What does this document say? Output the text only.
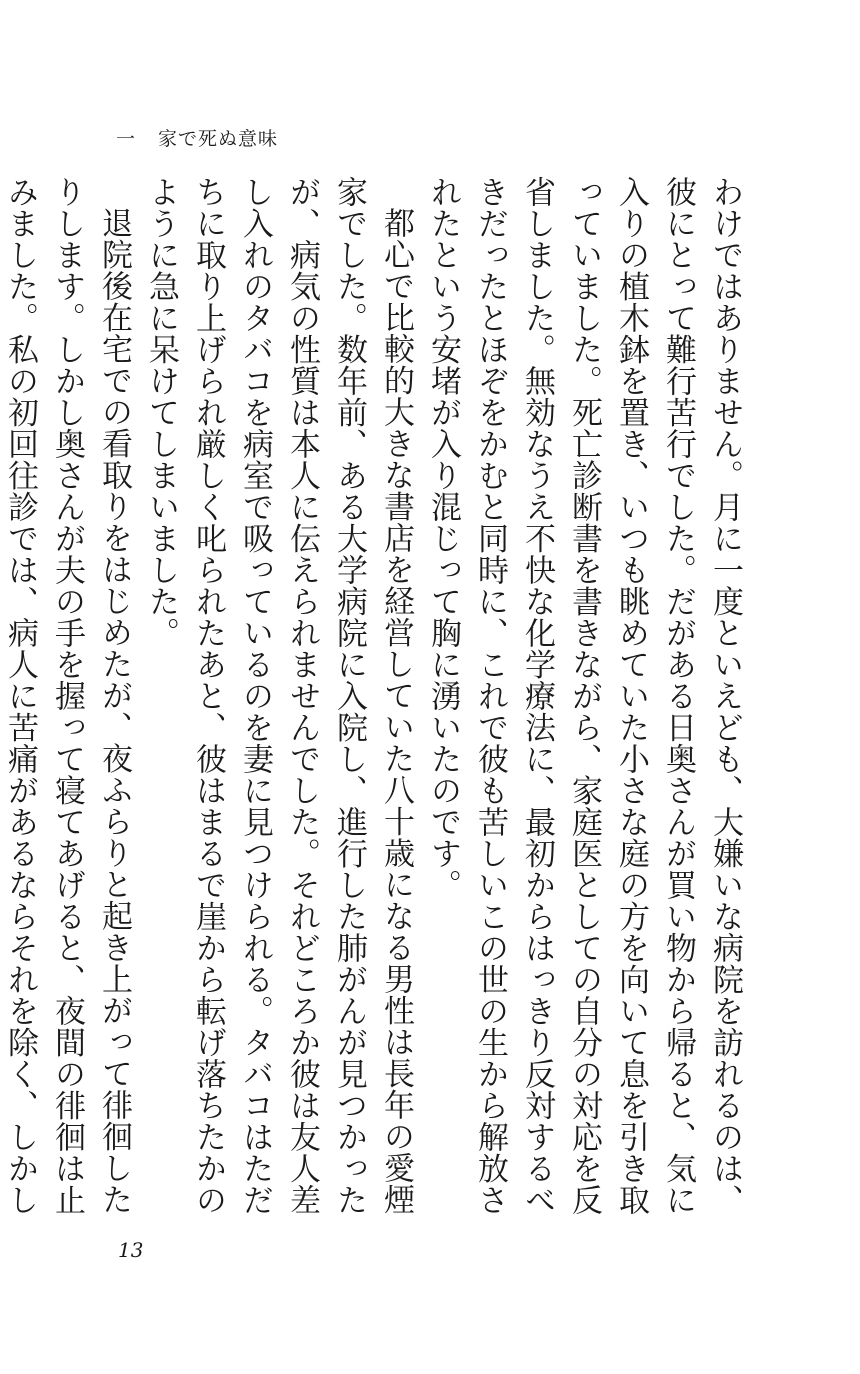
一 家で死ぬ意味

わけではありません。月に一度といえども、大嫌いな病院を訪れるのは、彼にとって難行苦行でした。だがある日奥さんが買い物から帰ると、気に入りの植木鉢を置き、いつも眺めていた小さな庭の方を向いて息を引き取っていました。死亡診断書を書きながら、家庭医としての自分の対応を反省しました。無効なうえ不快な化学療法に、最初からはっきり反対するべきだったとほぞをかむと同時に、これで彼も苦しいこの世の生から解放されたという安堵が入り混じって胸に湧いたのです。

都心で比較的大きな書店を経営していた八十歳になる男性は長年の愛煙家でした。数年前、ある大学病院に入院し、進行した肺がんが見つかったが、病気の性質は本人に伝えられませんでした。それどころか彼は友人差し入れのタバコを病室で吸っているのを妻に見つけられる。タバコはただちに取り上げられ厳しく叱られたあと、彼はまるで崖から転げ落ちたかのように急に呆けてしまいました。

退院後在宅での看取りをはじめたが、夜ふらりと起き上がって徘徊したりします。しかし奥さんが夫の手を握って寝てあげると、夜間の徘徊は止みました。私の初回往診では、病人に苦痛があるならそれを除く、しかし

13
